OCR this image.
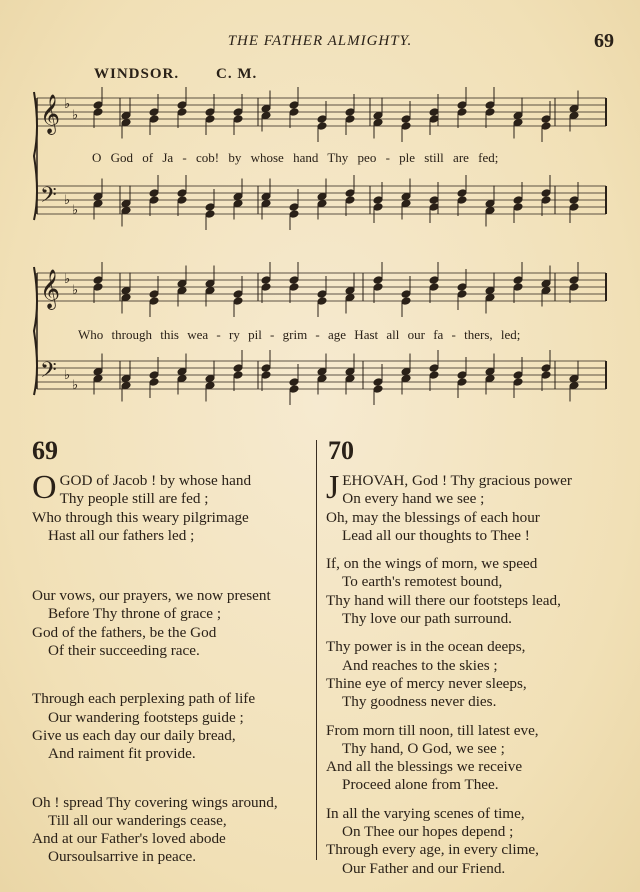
THE FATHER ALMIGHTY.	69
WINDSOR. C. M.
𝄞 ♭
♭
𝄢 ♭
♭
𝄞 ♭
♭
𝄢 ♭
♭
O God of Ja - cob! by whose hand Thy peo - ple still are fed;
Who through this wea - ry pil - grim - age Hast all our fa - thers, led;
69	70
O GOD of Jacob ! by whose hand
Thy people still are fed ;
Who through this weary pilgrimage
Hast all our fathers led ;
Our vows, our prayers, we now present
Before Thy throne of grace ;
God of the fathers, be the God
Of their succeeding race.
Through each perplexing path of life
Our wandering footsteps guide ;
Give us each day our daily bread,
And raiment fit provide.
Oh ! spread Thy covering wings around,
Till all our wanderings cease,
And at our Father's loved abode
Oursoulsarrive in peace.
J EHOVAH, God ! Thy gracious power
On every hand we see ;
Oh, may the blessings of each hour
Lead all our thoughts to Thee !
If, on the wings of morn, we speed
To earth's remotest bound,
Thy hand will there our footsteps lead,
Thy love our path surround.
Thy power is in the ocean deeps,
And reaches to the skies ;
Thine eye of mercy never sleeps,
Thy goodness never dies.
From morn till noon, till latest eve,
Thy hand, O God, we see ;
And all the blessings we receive
Proceed alone from Thee.
In all the varying scenes of time,
On Thee our hopes depend ;
Through every age, in every clime,
Our Father and our Friend.
